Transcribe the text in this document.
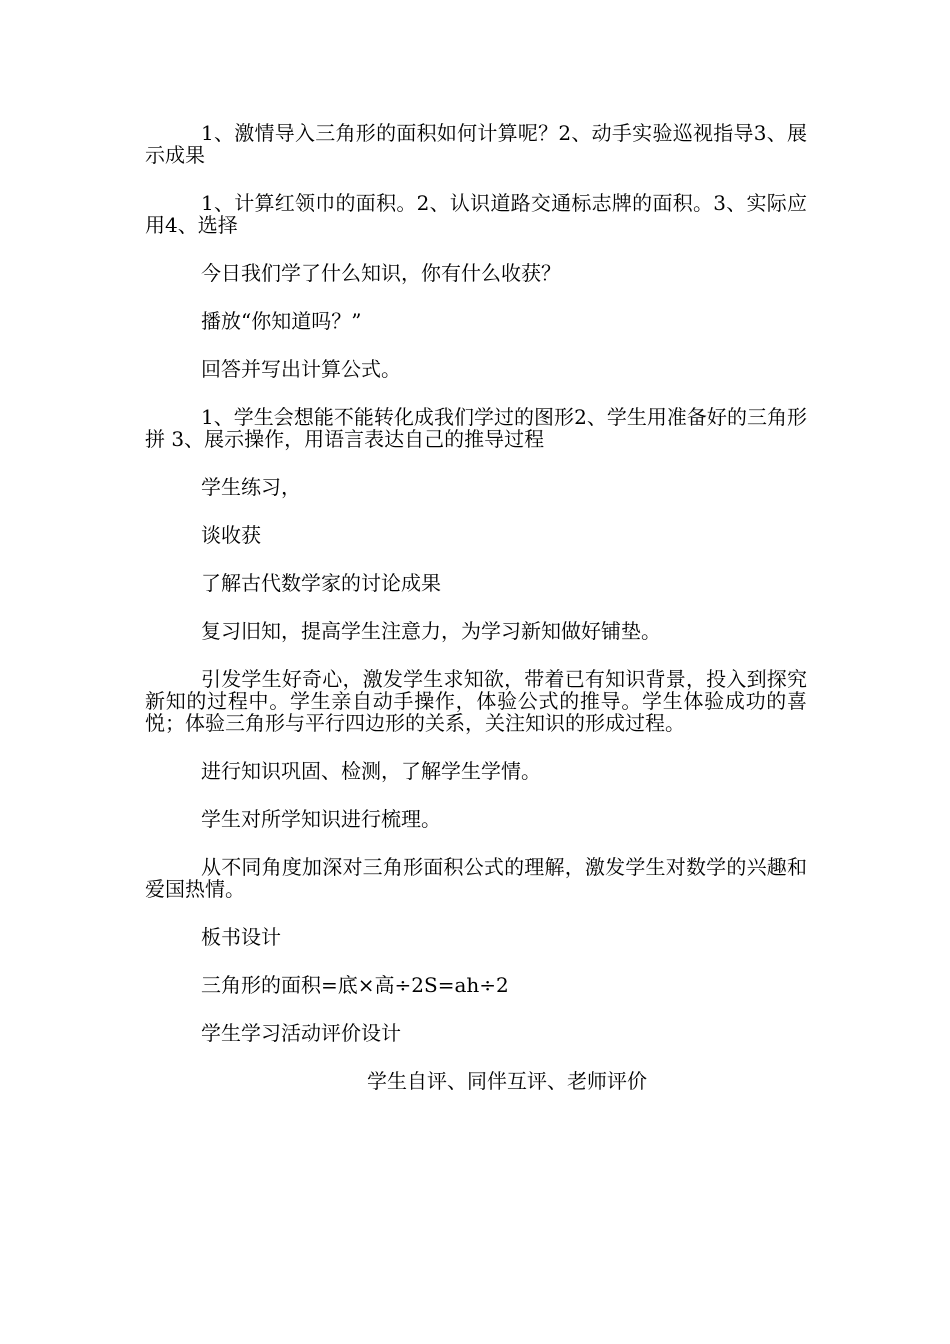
1、激情导入三角形的面积如何计算呢？2、动手实验巡视指导3、展示成果

1、计算红领巾的面积。2、认识道路交通标志牌的面积。3、实际应用4、选择

今日我们学了什么知识，你有什么收获？

播放“你知道吗？”

回答并写出计算公式。

1、学生会想能不能转化成我们学过的图形2、学生用准备好的三角形拼 3、展示操作，用语言表达自己的推导过程

学生练习，

谈收获

了解古代数学家的讨论成果

复习旧知，提高学生注意力，为学习新知做好铺垫。

引发学生好奇心，激发学生求知欲，带着已有知识背景，投入到探究新知的过程中。学生亲自动手操作，体验公式的推导。学生体验成功的喜悦；体验三角形与平行四边形的关系，关注知识的形成过程。

进行知识巩固、检测，了解学生学情。

学生对所学知识进行梳理。

从不同角度加深对三角形面积公式的理解，激发学生对数学的兴趣和爱国热情。

板书设计

三角形的面积=底×高÷2S=ah÷2

学生学习活动评价设计

学生自评、同伴互评、老师评价
